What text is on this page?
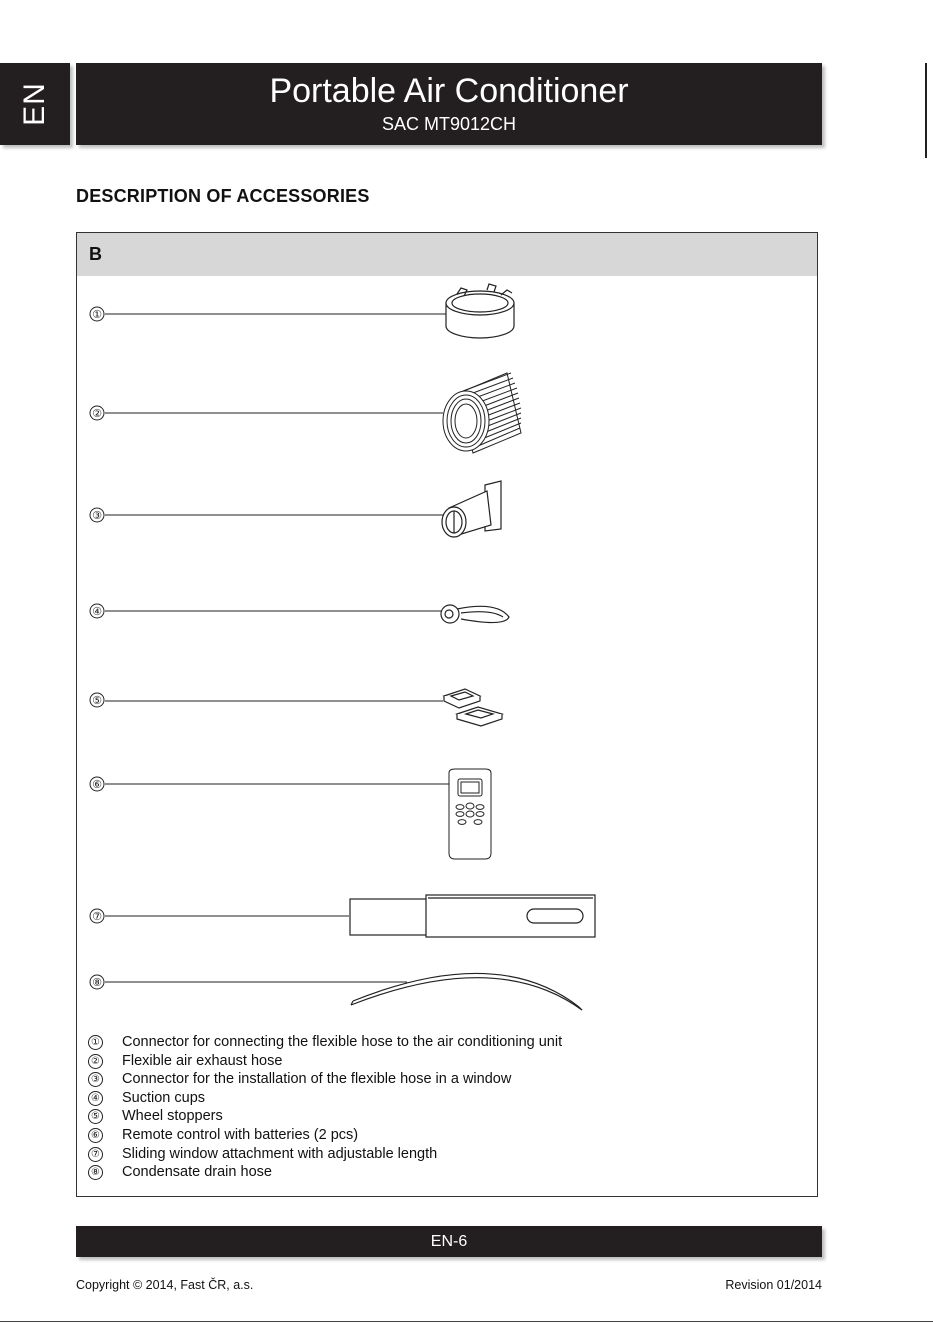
EN	Portable Air Conditioner
SAC MT9012CH
DESCRIPTION OF ACCESSORIES
B
①
②
③
④
⑤
⑥
⑦
⑧
① Connector for connecting the flexible hose to the air conditioning unit
② Flexible air exhaust hose
③ Connector for the installation of the flexible hose in a window
④ Suction cups
⑤ Wheel stoppers
⑥ Remote control with batteries (2 pcs)
⑦ Sliding window attachment with adjustable length
⑧ Condensate drain hose
EN-6
Copyright © 2014, Fast ČR, a.s.	Revision 01/2014
